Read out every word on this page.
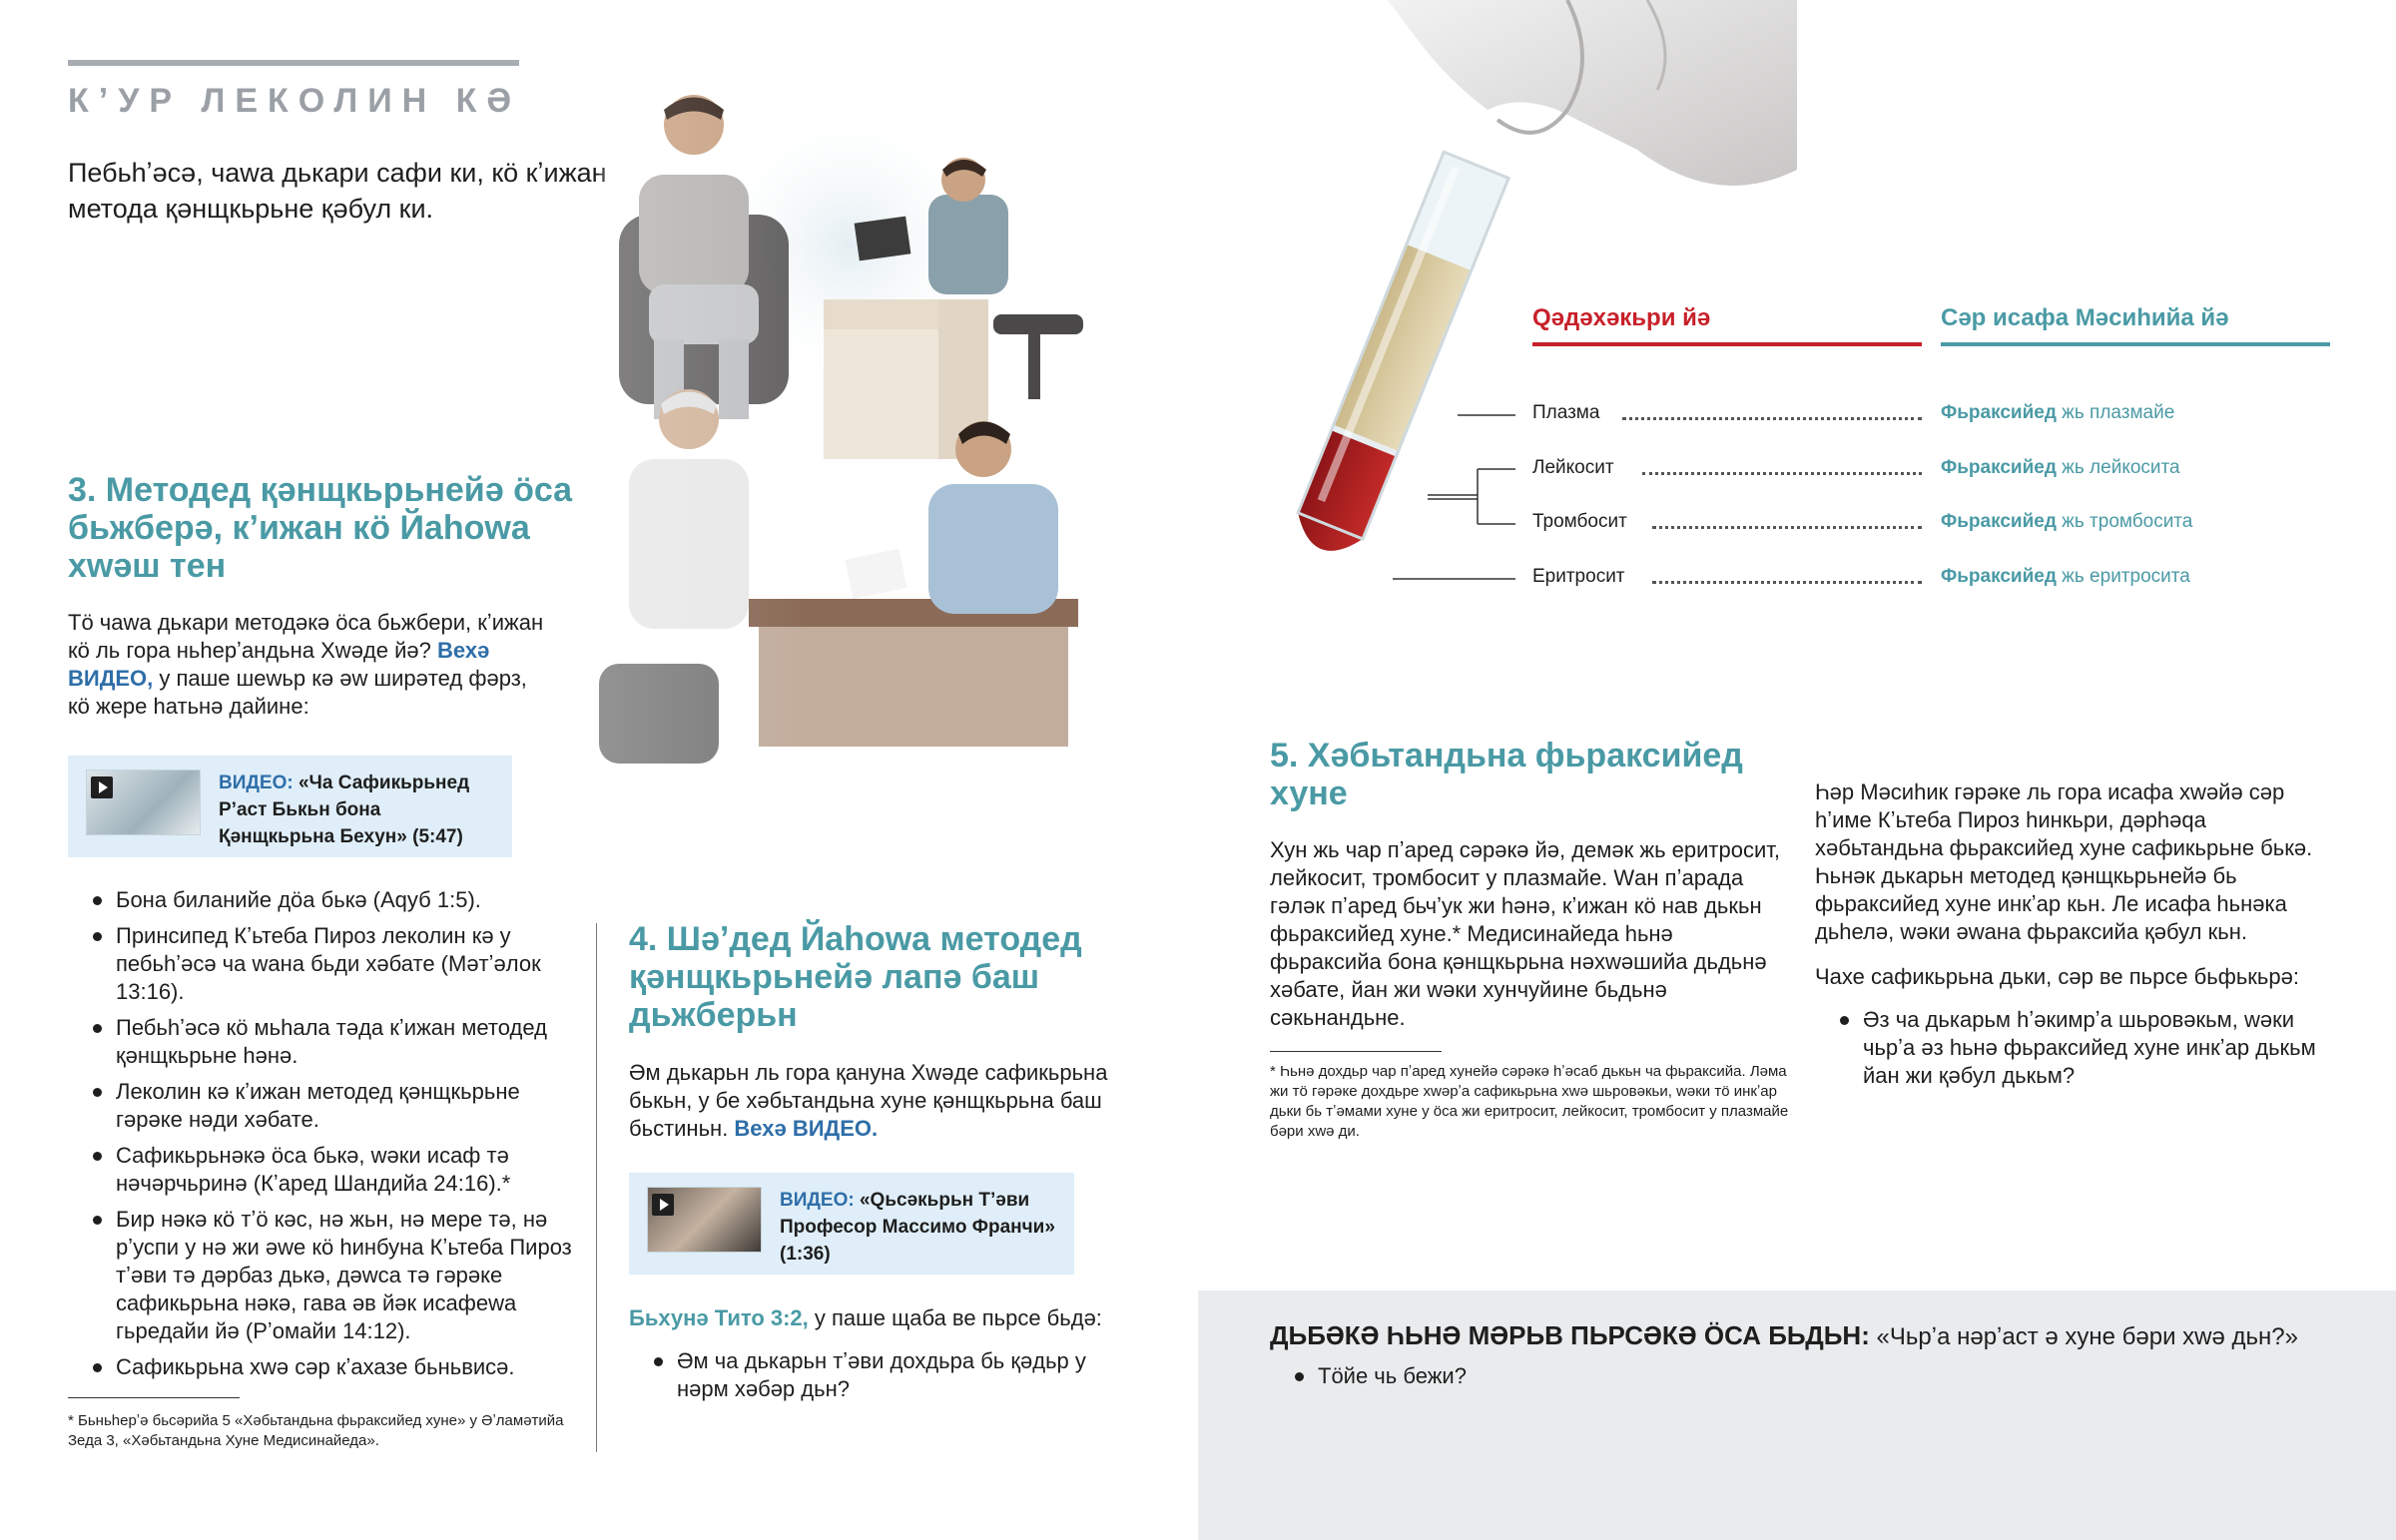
КʼУР ЛЕКОЛИН КӘ
Пебьһʼәсә, чаwа дькари сафи ки, кӧ кʼижан метода қәнщкьрьне қәбул ки.
3. Методед қәнщкьрьнейә ӧса бьжберә, кʼижан кӧ Йаһоwа хwәш тен
Тӧ чаwа дькари методәкә ӧса бьжбери, кʼижан кӧ ль гора ньһерʼандьна Хwәде йә? Вехә ВИДЕО, у паше шеwьр кә әw ширәтед фәрз, кӧ жере һатьнә дайине:
ВИДЕО: «Ча Сафикьрьнед Рʼаст Бькьн бона Қәнщкьрьна Бехун» (5:47)
Бона биланийе дӧа бькә (Aqуб 1:5).
Принсипед Кʼьтеба Пироз леколин кә у пебьһʼәсә ча wана бьди хәбате (Мәтʼәлок 13:16).
Пебьһʼәсә кӧ мьһала тәда кʼижан методед қәнщкьрьне һәнә.
Леколин кә кʼижан методед қәнщкьрьне гәрәке нәди хәбате.
Сафикьрьнәкә ӧса бькә, wәки исаф тә нәчәрчьринә (Кʼаред Шандийа 24:16).*
Бир нәкә кӧ тʼӧ кәс, нә жьн, нә мере тә, нә рʼуспи у нә жи әwе кӧ һинбуна Кʼьтеба Пироз тʼәви тә дәрбаз дькә, дәwса тә гәрәке сафикьрьна нәкә, гава әв йәк исафеwа гьредайи йә (Рʼомайи 14:12).
Сафикьрьна хwә сәр кʼахазе бьньвисә.
* Бьньһерʼә бьсәрийа 5 «Хәбьтандьна фьраксийед хуне» у Әʼламәтийа Зеда 3, «Хәбьтандьна Хуне Медисинайеда».
4. Шәʼдед Йаһоwа методед қәнщкьрьнейә лапә баш дьжберьн
Әм дькарьн ль гора қануна Хwәде сафикьрьна бькьн, у бе хәбьтандьна хуне қәнщкьрьна баш бьстиньн. Вехә ВИДЕО.
ВИДЕО: «Qьсәкьрьн Тʼәви Професор Массимо Франчи» (1:36)
Бьхунә Тито 3:2, у паше щаба ве пьрсе бьдә:
Әм ча дькарьн тʼәви дохдьра бь қәдьр у нәрм хәбәр дьн?
Qәдәхәкьри йә	Сәр исафа Мәсиһийа йә
Плазма	Фьраксийед жь плазмайе
Лейкосит	Фьраксийед жь лейкосита
Тромбосит	Фьраксийед жь тромбосита
Еритросит	Фьраксийед жь еритросита
5. Хәбьтандьна фьраксийед хуне
Хун жь чар пʼаред сәрәкә йә, демәк жь еритросит, лейкосит, тромбосит у плазмайе. Wан пʼарада гәләк пʼаред бьчʼук жи һәнә, кʼижан кӧ нав дькьн фьраксийед хуне.* Медисинайеда һьнә фьраксийа бона қәнщкьрьна нәхwәшийа дьдьнә хәбате, йан жи wәки хунчуйине бьдьнә сәкьнандьне.
* Һьнә дохдьр чар пʼаред хунейә сәрәкә һʼәсаб дькьн ча фьраксийа. Ләма жи тӧ гәрәке дохдьре хwәрʼа сафикьрьна хwә шьровәкьи, wәки тӧ инкʼар дьки бь тʼәмами хуне у ӧса жи еритросит, лейкосит, тромбосит у плазмайе бәри хwә ди.
Һәр Мәсиһик гәрәке ль гора исафа хwәйә сәр һʼиме Кʼьтеба Пироз һинкьри, дәрһәqа хәбьтандьна фьраксийед хуне сафикьрьне бькә. Һьнәк дькарьн методед қәнщкьрьнейә бь фьраксийед хуне инкʼар кьн. Ле исафа һьнәка дьһелә, wәки әwана фьраксийа қәбул кьн.
Чахе сафикьрьна дьки, сәр ве пьрсе бьфькьрә:
Әз ча дькарьм һʼәкимрʼа шьровәкьм, wәки чьрʼа әз һьнә фьраксийед хуне инкʼар дькьм йан жи қәбул дькьм?
ДЬБӘКӘ ҺЬНӘ МӘРЬВ ПЬРСӘКӘ ӦСА БЬДЬН: «Чьрʼа нәрʼаст ә хуне бәри хwә дьн?»
Тӧйе чь бежи?
